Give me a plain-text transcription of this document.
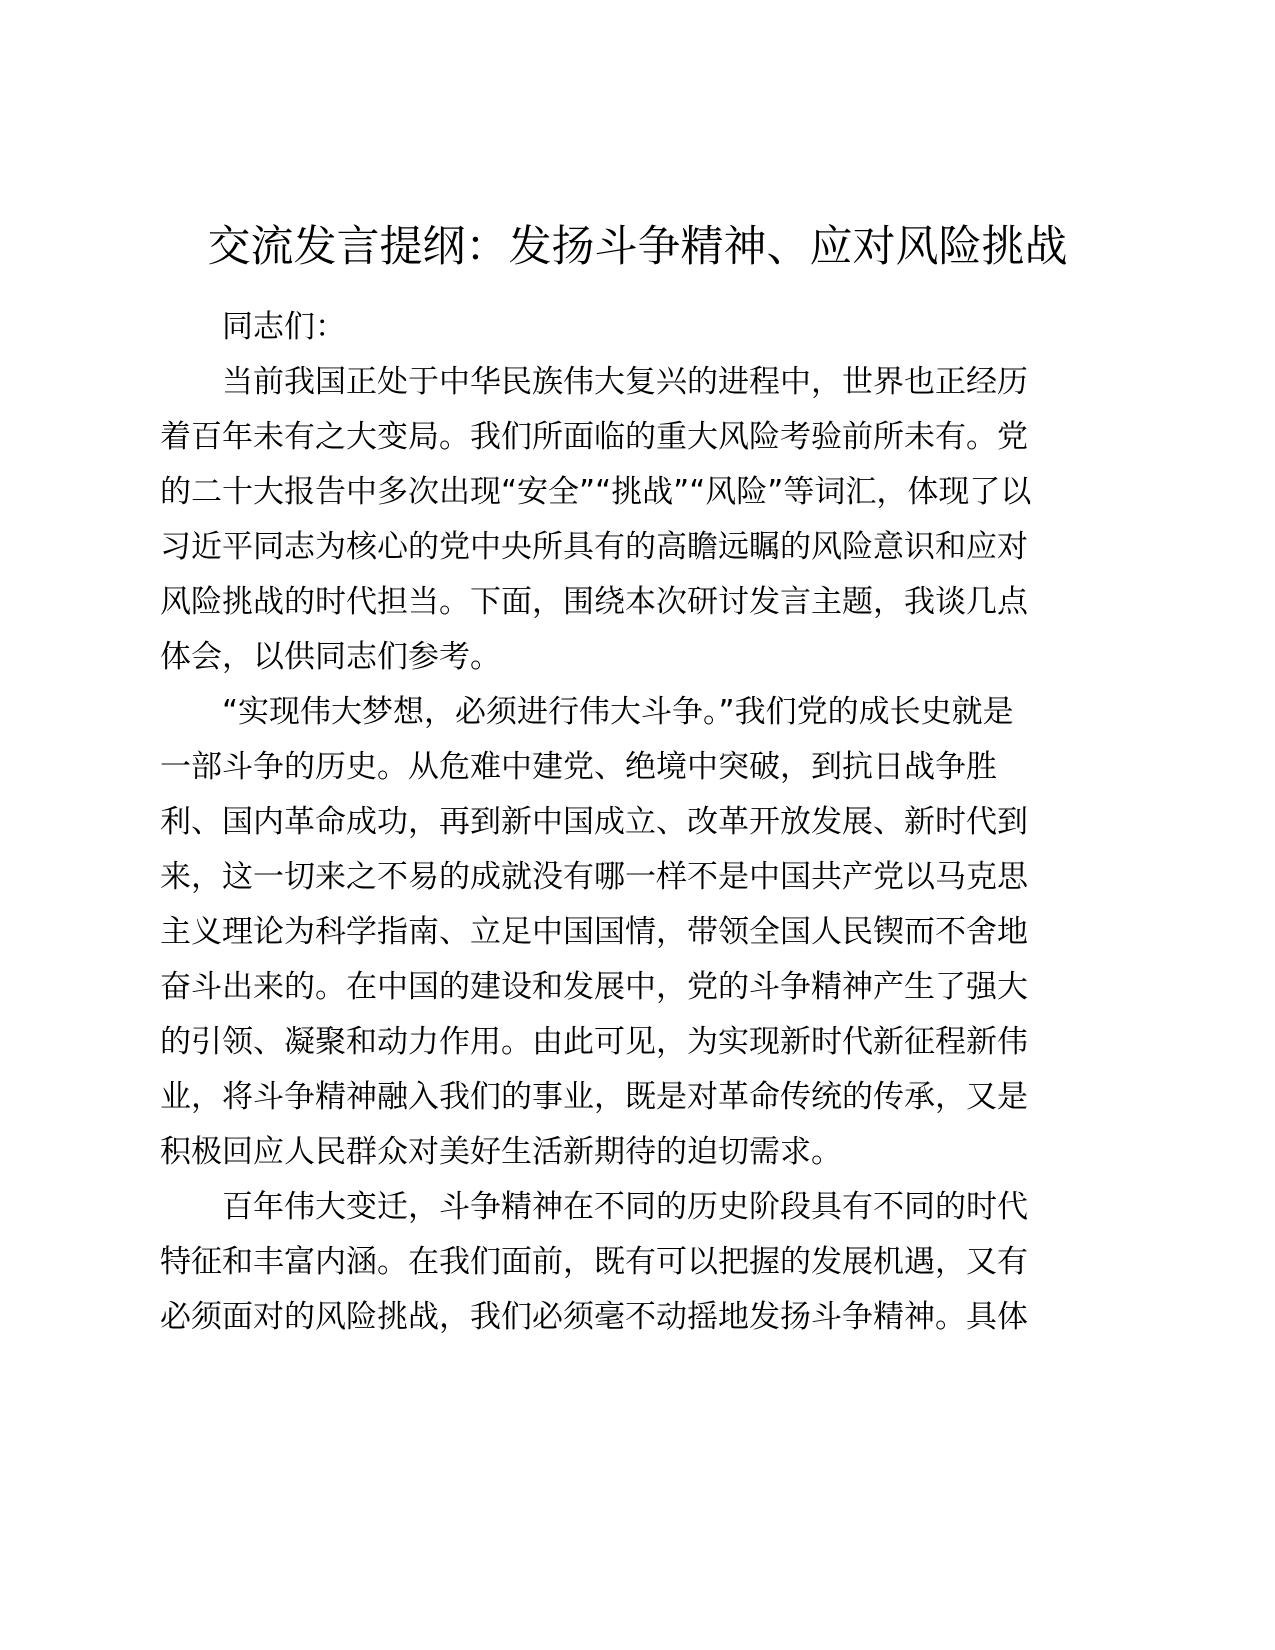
交流发言提纲：发扬斗争精神、应对风险挑战

同志们：

当前我国正处于中华民族伟大复兴的进程中，世界也正经历
着百年未有之大变局。我们所面临的重大风险考验前所未有。党
的二十大报告中多次出现“安全”“挑战”“风险”等词汇，体现了以
习近平同志为核心的党中央所具有的高瞻远瞩的风险意识和应对
风险挑战的时代担当。下面，围绕本次研讨发言主题，我谈几点
体会，以供同志们参考。

“实现伟大梦想，必须进行伟大斗争。”我们党的成长史就是
一部斗争的历史。从危难中建党、绝境中突破，到抗日战争胜
利、国内革命成功，再到新中国成立、改革开放发展、新时代到
来，这一切来之不易的成就没有哪一样不是中国共产党以马克思
主义理论为科学指南、立足中国国情，带领全国人民锲而不舍地
奋斗出来的。在中国的建设和发展中，党的斗争精神产生了强大
的引领、凝聚和动力作用。由此可见，为实现新时代新征程新伟
业，将斗争精神融入我们的事业，既是对革命传统的传承，又是
积极回应人民群众对美好生活新期待的迫切需求。

百年伟大变迁，斗争精神在不同的历史阶段具有不同的时代
特征和丰富内涵。在我们面前，既有可以把握的发展机遇，又有
必须面对的风险挑战，我们必须毫不动摇地发扬斗争精神。具体
